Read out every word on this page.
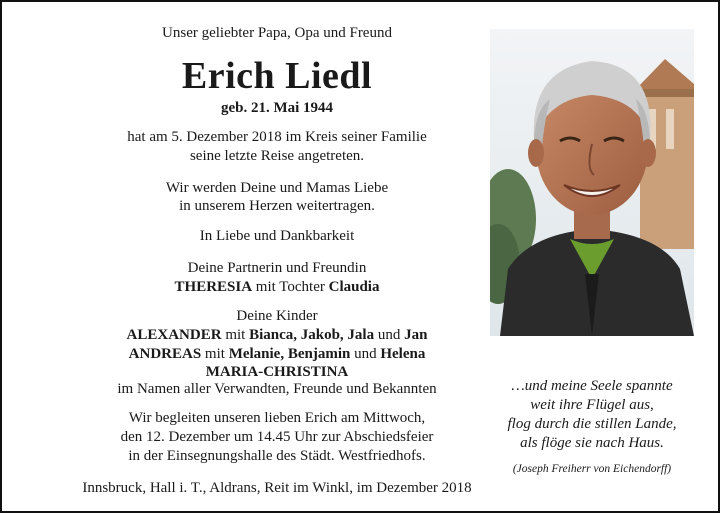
Unser geliebter Papa, Opa und Freund
Erich Liedl
geb. 21. Mai 1944
hat am 5. Dezember 2018 im Kreis seiner Familie
seine letzte Reise angetreten.
Wir werden Deine und Mamas Liebe
in unserem Herzen weitertragen.
In Liebe und Dankbarkeit
Deine Partnerin und Freundin
THERESIA mit Tochter Claudia
Deine Kinder
ALEXANDER mit Bianca, Jakob, Jala und Jan
ANDREAS mit Melanie, Benjamin und Helena
MARIA-CHRISTINA
im Namen aller Verwandten, Freunde und Bekannten
Wir begleiten unseren lieben Erich am Mittwoch,
den 12. Dezember um 14.45 Uhr zur Abschiedsfeier
in der Einsegnungshalle des Städt. Westfriedhofs.
Innsbruck, Hall i. T., Aldrans, Reit im Winkl, im Dezember 2018
…und meine Seele spannte
weit ihre Flügel aus,
flog durch die stillen Lande,
als flöge sie nach Haus.
(Joseph Freiherr von Eichendorff)
